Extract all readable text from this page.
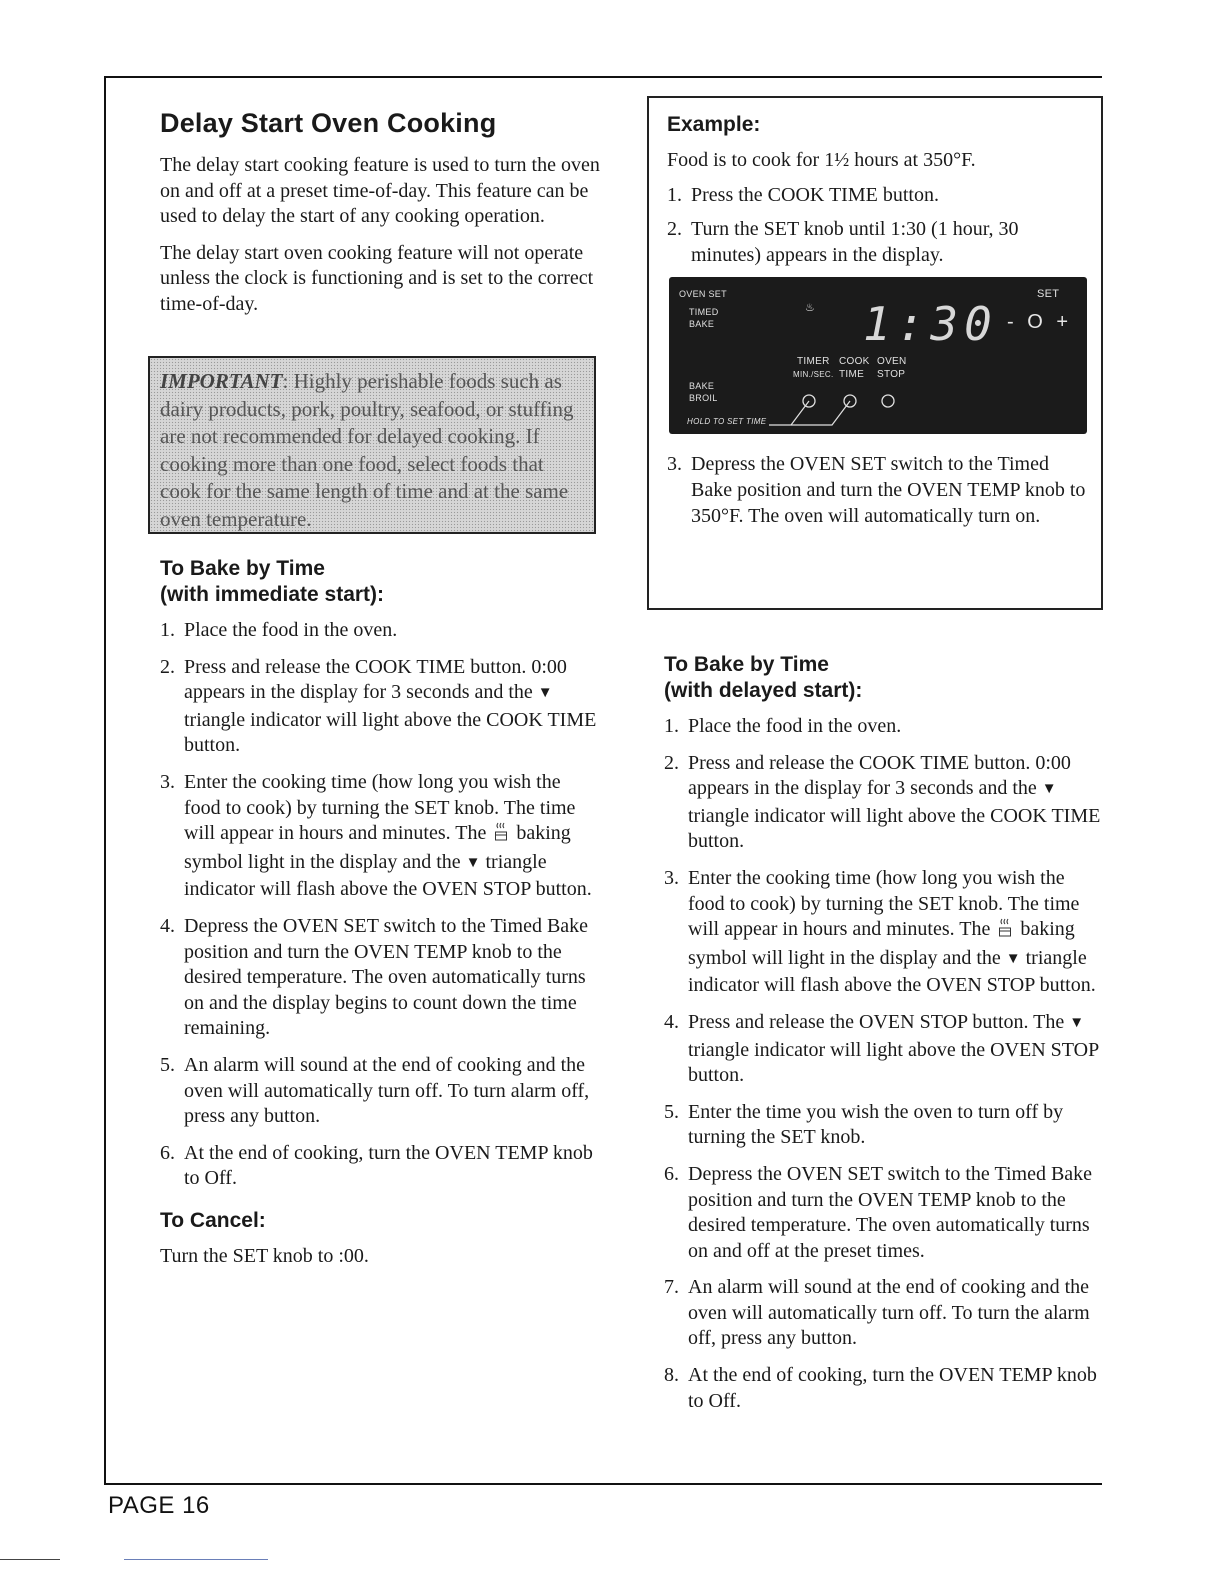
PAGE 16
Delay Start Oven Cooking

The delay start cooking feature is used to turn the oven on and off at a preset time-of-day. This feature can be used to delay the start of any cooking operation.

The delay start oven cooking feature will not operate unless the clock is functioning and is set to the correct time-of-day.

IMPORTANT: Highly perishable foods such as dairy products, pork, poultry, seafood, or stuffing are not recommended for delayed cooking. If cooking more than one food, select foods that cook for the same length of time and at the same oven temperature.
To Bake by Time
(with immediate start):
1. Place the food in the oven.
2. Press and release the COOK TIME button. 0:00 appears in the display for 3 seconds and the ▼ triangle indicator will light above the COOK TIME button.
3. Enter the cooking time (how long you wish the food to cook) by turning the SET knob. The time will appear in hours and minutes. The  baking symbol light in the display and the ▼ triangle indicator will flash above the OVEN STOP button.
4. Depress the OVEN SET switch to the Timed Bake position and turn the OVEN TEMP knob to the desired temperature. The oven automatically turns on and the display begins to count down the time remaining.
5. An alarm will sound at the end of cooking and the oven will automatically turn off. To turn alarm off, press any button.
6. At the end of cooking, turn the OVEN TEMP knob to Off.
To Cancel:

Turn the SET knob to :00.

Example:

Food is to cook for 1½ hours at 350°F.

1. Press the COOK TIME button.
2. Turn the SET knob until 1:30 (1 hour, 30 minutes) appears in the display.
OVEN SET
TIMED
BAKE
♨ 1:30
SET
- O +
TIMER
MIN./SEC.
COOK
TIME
OVEN
STOP
BAKE
BROIL
HOLD TO SET TIME
3. Depress the OVEN SET switch to the Timed Bake position and turn the OVEN TEMP knob to 350°F. The oven will automatically turn on.
To Bake by Time
(with delayed start):
1. Place the food in the oven.
2. Press and release the COOK TIME button. 0:00 appears in the display for 3 seconds and the ▼ triangle indicator will light above the COOK TIME button.
3. Enter the cooking time (how long you wish the food to cook) by turning the SET knob. The time will appear in hours and minutes. The  baking symbol will light in the display and the ▼ triangle indicator will flash above the OVEN STOP button.
4. Press and release the OVEN STOP button. The ▼ triangle indicator will light above the OVEN STOP button.
5. Enter the time you wish the oven to turn off by turning the SET knob.
6. Depress the OVEN SET switch to the Timed Bake position and turn the OVEN TEMP knob to the desired temperature. The oven automatically turns on and off at the preset times.
7. An alarm will sound at the end of cooking and the oven will automatically turn off. To turn the alarm off, press any button.
8. At the end of cooking, turn the OVEN TEMP knob to Off.
